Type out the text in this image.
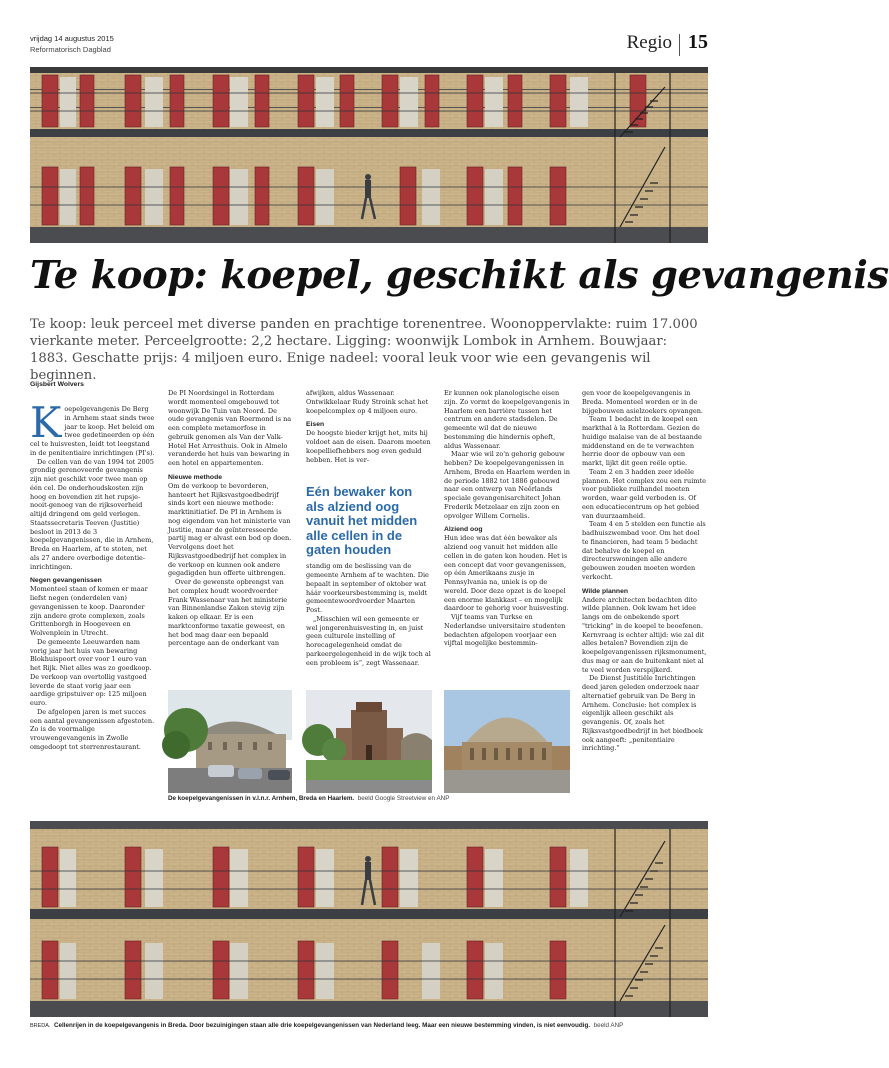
vrijdag 14 augustus 2015
Reformatorisch Dagblad	Regio 15
Te koop: koepel, geschikt als gevangenis

Te koop: leuk perceel met diverse panden en prachtige torenentree. Woonoppervlakte: ruim 17.000 vierkante meter. Perceelgrootte: 2,2 hectare. Ligging: woonwijk Lombok in Arnhem. Bouwjaar: 1883. Geschatte prijs: 4 miljoen euro. Enige nadeel: vooral leuk voor wie een gevangenis wil beginnen.

Gijsbert Wolvers

Koepelgevangenis De Berg in Arnhem staat sinds twee jaar te koop. Het beleid om twee gedetineerden op één cel te huisvesten, leidt tot leegstand in de penitentiaire inrichtingen (PI's).

De cellen van de van 1994 tot 2005 grondig gerenoveerde gevangenis zijn niet geschikt voor twee man op één cel. De onderhoudskosten zijn hoog en bovendien zit het rupsje-nooit-genoeg van de rijksoverheid altijd dringend om geld verlegen. Staatssecretaris Teeven (Justitie) besloot in 2013 de 3 koepelgevangenissen, die in Arnhem, Breda en Haarlem, af te stoten, net als 27 andere overbodige detentie-inrichtingen.

Negen gevangenissen

Momenteel staan of komen er maar liefst negen (onderdelen van) gevangenissen te koop. Daaronder zijn andere grote complexen, zoals Grittenborgh in Hoogeveen en Wolvenplein in Utrecht.

De gemeente Leeuwarden nam vorig jaar het huis van bewaring Blokhuispoort over voor 1 euro van het Rijk. Niet alles was zo goedkoop. De verkoop van overtollig vastgoed leverde de staat vorig jaar een aardige gripstuiver op: 125 miljoen euro.

De afgelopen jaren is met succes een aantal gevangenissen afgestoten. Zo is de voormalige vrouwengevangenis in Zwolle omgedoopt tot sterrenrestaurant.

De PI Noordsingel in Rotterdam wordt momenteel omgebouwd tot woonwijk De Tuin van Noord. De oude gevangenis van Roermond is na een complete metamorfose in gebruik genomen als Van der Valk-Hotel Het Arresthuis. Ook in Almelo veranderde het huis van bewaring in een hotel en appartementen.

Nieuwe methode

Om de verkoop te bevorderen, hanteert het Rijksvastgoedbedrijf sinds kort een nieuwe methode: marktinitiatief. De PI in Arnhem is nog eigendom van het ministerie van Justitie, maar de geïnteresseerde partij mag er alvast een bod op doen. Vervolgens doet het Rijksvastgoedbedrijf het complex in de verkoop en kunnen ook andere gegadigden hun offerte uitbrengen.

Over de gewenste opbrengst van het complex houdt woordvoerder Frank Wassenaar van het ministerie van Binnenlandse Zaken stevig zijn kaken op elkaar. Er is een marktconforme taxatie geweest, en het bod mag daar een bepaald percentage aan de onderkant van

afwijken, aldus Wassenaar. Ontwikkelaar Rudy Stroink schat het koepelcomplex op 4 miljoen euro.

Eisen

De hoogste bieder krijgt het, mits hij voldoet aan de eisen. Daarom moeten koepelliefhebbers nog even geduld hebben. Het is ver-

standig om de beslissing van de gemeente Arnhem af te wachten. Die bepaalt in september of oktober wat háár voorkeursbestemming is, meldt gemeentewoordvoerder Maarten Post.

„Misschien wil een gemeente er wel jongerenhuisvesting in, en juist geen culturele instelling of horecagelegenheid omdat de parkeergelegenheid in de wijk toch al een probleem is”, zegt Wassenaar.

Eén bewaker kon als alziend oog vanuit het midden alle cellen in de gaten houden

Er kunnen ook planologische eisen zijn. Zo vormt de koepelgevangenis in Haarlem een barrière tussen het centrum en andere stadsdelen. De gemeente wil dat de nieuwe bestemming die hindernis opheft, aldus Wassenaar.

Maar wie wil zo'n gehorig gebouw hebben? De koepelgevangenissen in Arnhem, Breda en Haarlem werden in de periode 1882 tot 1886 gebouwd naar een ontwerp van Neêrlands speciale gevangenisarchitect Johan Frederik Metzelaar en zijn zoon en opvolger Willem Cornelis.

Alziend oog

Hun idee was dat één bewaker als alziend oog vanuit het midden alle cellen in de gaten kon houden. Het is een concept dat voor gevangenissen, op één Amerikaans zusje in Pennsylvania na, uniek is op de wereld. Door deze opzet is de koepel een enorme klankkast – en mogelijk daardoor te gehorig voor huisvesting.

Vijf teams van Turkse en Nederlandse universitaire studenten bedachten afgelopen voorjaar een vijftal mogelijke bestemmin-

gen voor de koepelgevangenis in Breda. Momenteel worden er in de bijgebouwen asielzoekers opvangen.

Team 1 bedacht in de koepel een markthal à la Rotterdam. Gezien de huidige malaise van de al bestaande middenstand en de te verwachten herrie door de opbouw van een markt, lijkt dit geen reële optie.

Team 2 en 3 hadden zeer ideële plannen. Het complex zou een ruimte voor publieke ruilhandel moeten worden, waar geld verboden is. Of een educatiecentrum op het gebied van duurzaamheid.

Team 4 en 5 stelden een functie als badhuiszwembad voor. Om het doel te financieren, had team 5 bedacht dat behalve de koepel en directeurswoningen alle andere gebouwen zouden moeten worden verkocht.

Wilde plannen

Andere architecten bedachten dito wilde plannen. Ook kwam het idee langs om de onbekende sport "tricking" in de koepel te beoefenen. Kernvraag is echter altijd: wie zal dit alles betalen? Bovendien zijn de koepelgevangenissen rijksmonument, dus mag er aan de buitenkant niet al te veel worden verspijkerd.

De Dienst Justitiële Inrichtingen deed jaren geleden onderzoek naar alternatief gebruik van De Berg in Arnhem. Conclusie: het complex is eigenlijk alleen geschikt als gevangenis. Of, zoals het Rijksvastgoedbedrijf in het biedboek ook aangeeft: „penitentiaire inrichting.”

De koepelgevangenissen in v.l.n.r. Arnhem, Breda en Haarlem. beeld Google Streetview en ANP
BREDA. Cellenrijen in de koepelgevangenis in Breda. Door bezuinigingen staan alle drie koepelgevangenissen van Nederland leeg. Maar een nieuwe bestemming vinden, is niet eenvoudig. beeld ANP
